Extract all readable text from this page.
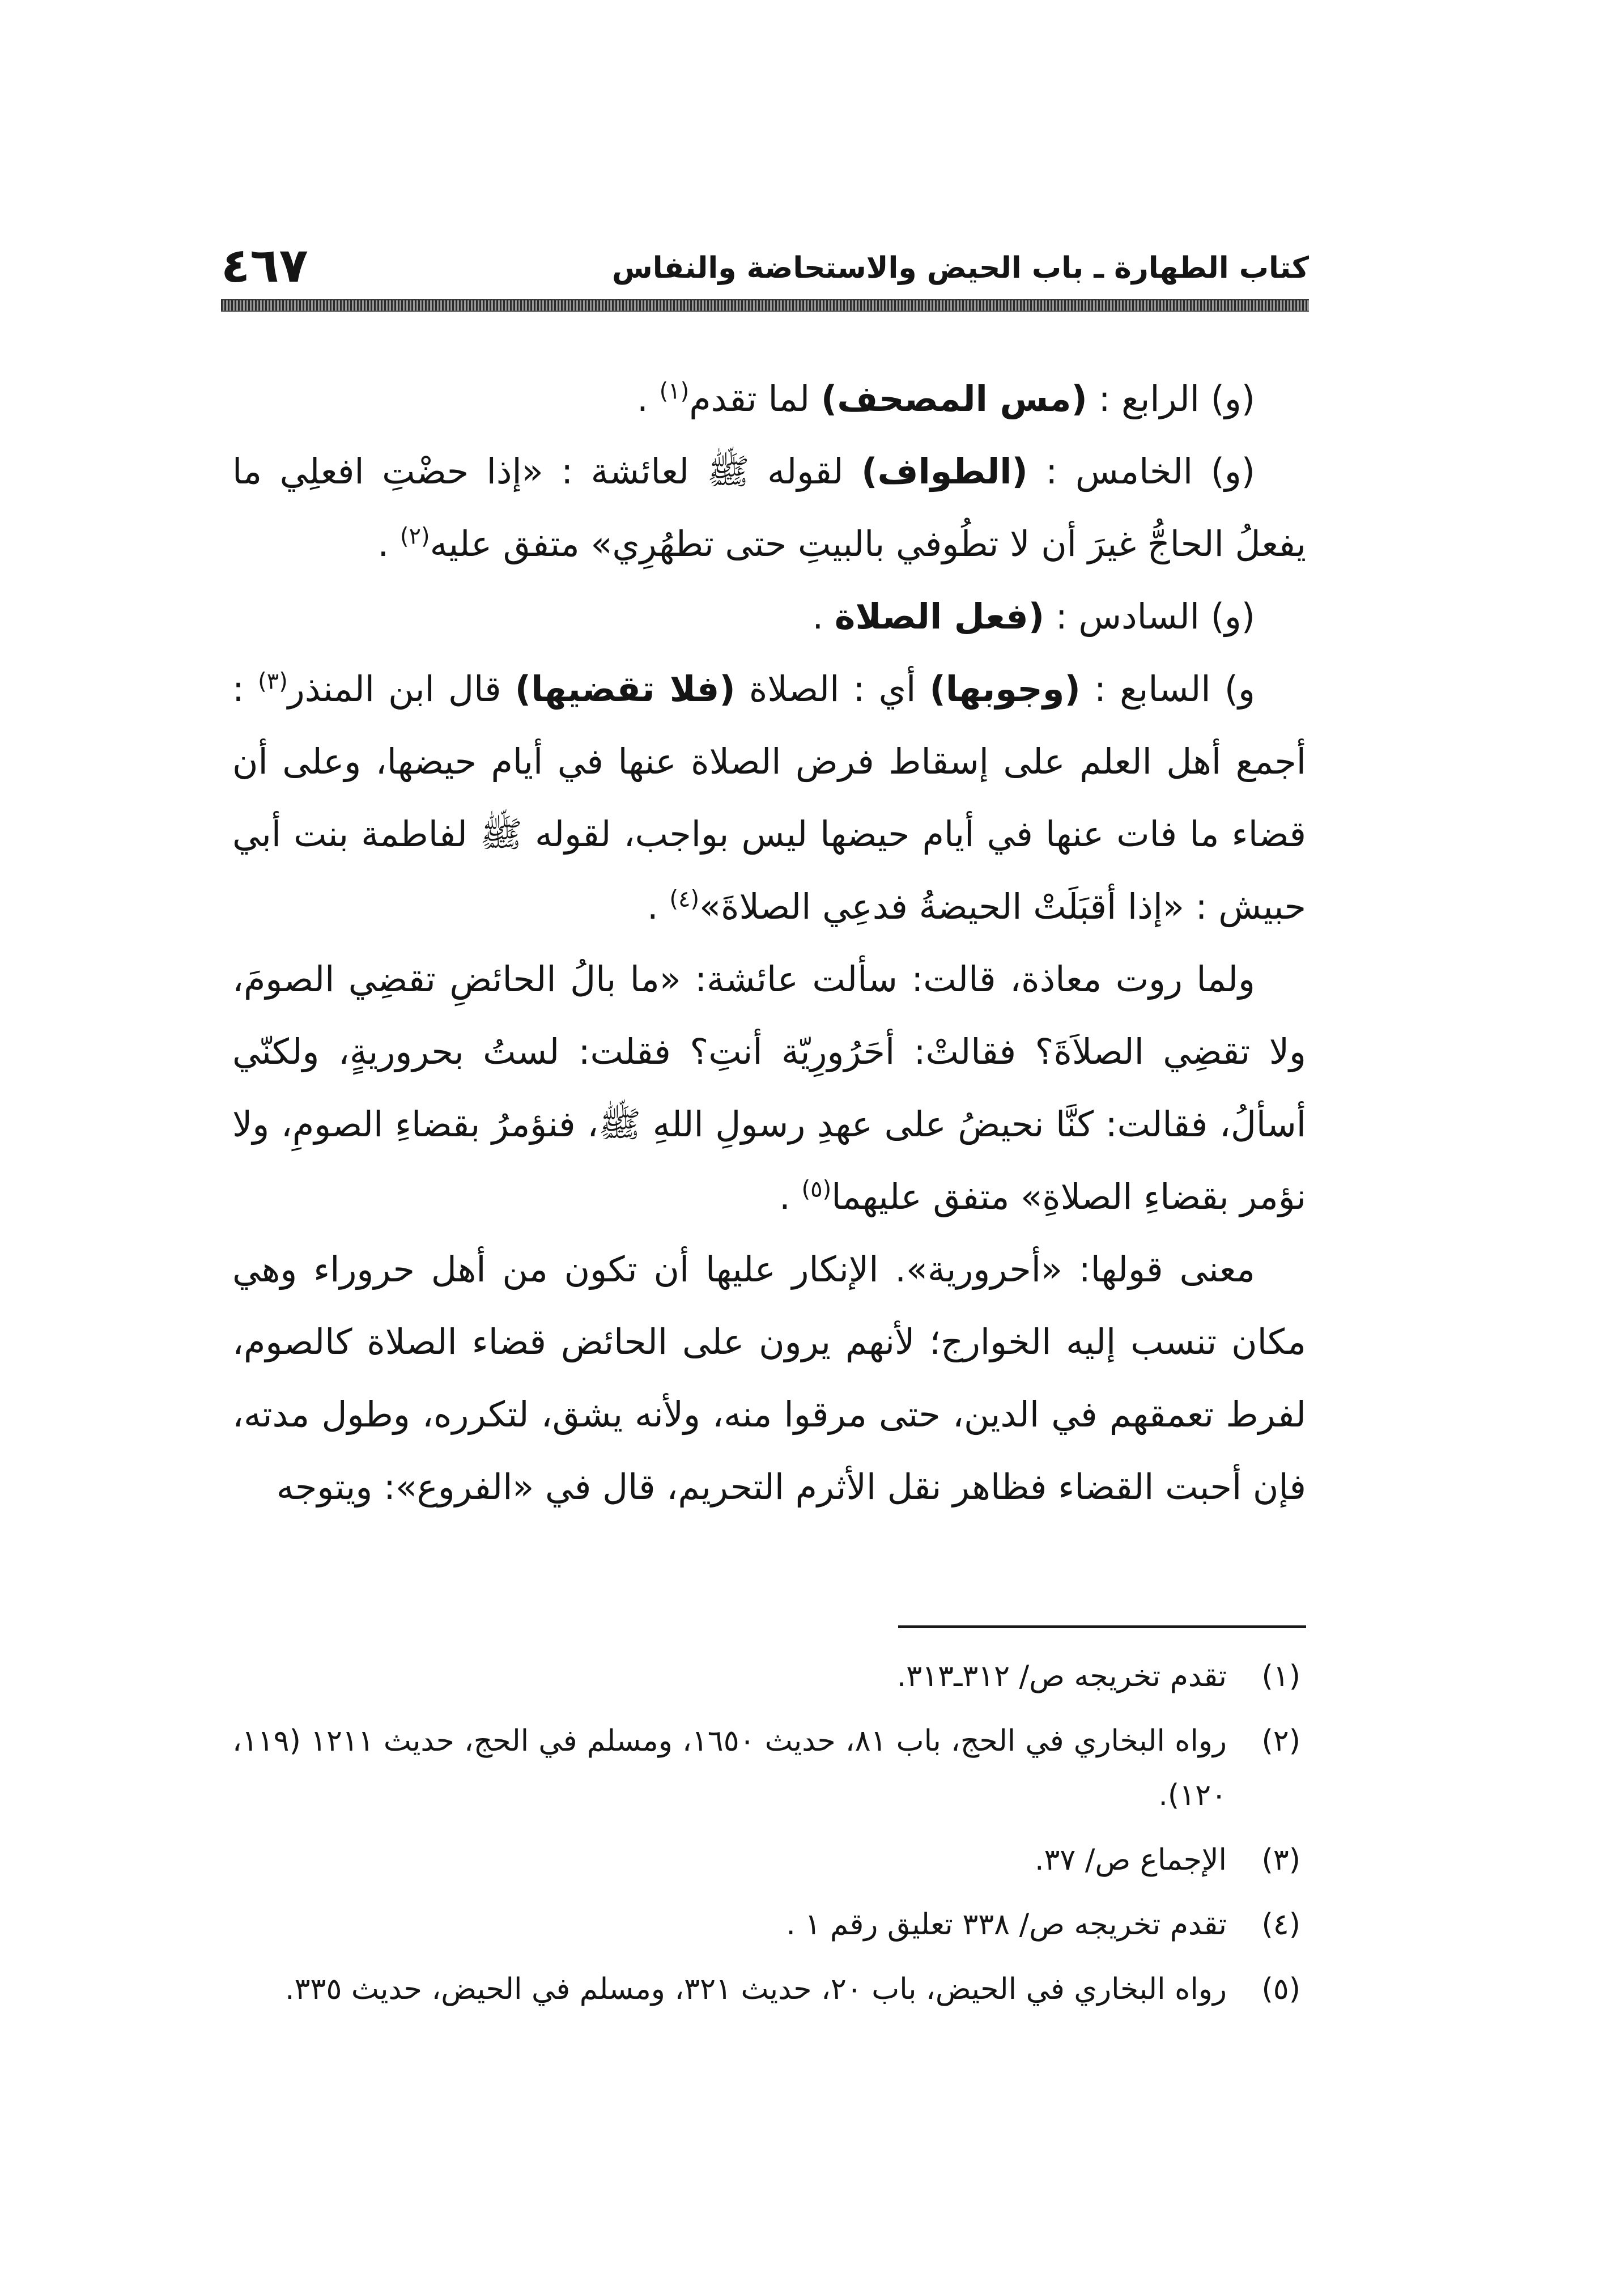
كتاب الطهارة ـ باب الحيض والاستحاضة والنفاس
٤٦٧

(و) الرابع : (مس المصحف) لما تقدم$^{(١)}$ .

(و) الخامس : (الطواف) لقوله ﷺ لعائشة : «إذا حضْتِ افعلِي ما يفعلُ الحاجُّ غيرَ أن لا تطُوفي بالبيتِ حتى تطهُرِي» متفق عليه$^{(٢)}$ .

(و) السادس : (فعل الصلاة .

و) السابع : (وجوبها) أي : الصلاة (فلا تقضيها) قال ابن المنذر$^{(٣)}$ : أجمع أهل العلم على إسقاط فرض الصلاة عنها في أيام حيضها، وعلى أن قضاء ما فات عنها في أيام حيضها ليس بواجب، لقوله ﷺ لفاطمة بنت أبي حبيش : «إذا أقبَلَتْ الحيضةُ فدعِي الصلاةَ»$^{(٤)}$ .

ولما روت معاذة، قالت: سألت عائشة: «ما بالُ الحائضِ تقضِي الصومَ، ولا تقضِي الصلاَةَ؟ فقالتْ: أحَرُورِيّة أنتِ؟ فقلت: لستُ بحروريةٍ، ولكنّي أسألُ، فقالت: كنَّا نحيضُ على عهدِ رسولِ اللهِ ﷺ، فنؤمرُ بقضاءِ الصومِ، ولا نؤمر بقضاءِ الصلاةِ» متفق عليهما$^{(٥)}$ .

معنى قولها: «أحرورية». الإنكار عليها أن تكون من أهل حروراء وهي مكان تنسب إليه الخوارج؛ لأنهم يرون على الحائض قضاء الصلاة كالصوم، لفرط تعمقهم في الدين، حتى مرقوا منه، ولأنه يشق، لتكرره، وطول مدته، فإن أحبت القضاء فظاهر نقل الأثرم التحريم، قال في «الفروع»: ويتوجه

(١)
تقدم تخريجه ص/ ٣١٢ـ٣١٣.
(٢)
رواه البخاري في الحج، باب ٨١، حديث ١٦٥٠، ومسلم في الحج، حديث ١٢١١ (١١٩، ١٢٠).
(٣)
الإجماع ص/ ٣٧.
(٤)
تقدم تخريجه ص/ ٣٣٨ تعليق رقم ١ .
(٥)
رواه البخاري في الحيض، باب ٢٠، حديث ٣٢١، ومسلم في الحيض، حديث ٣٣٥.
